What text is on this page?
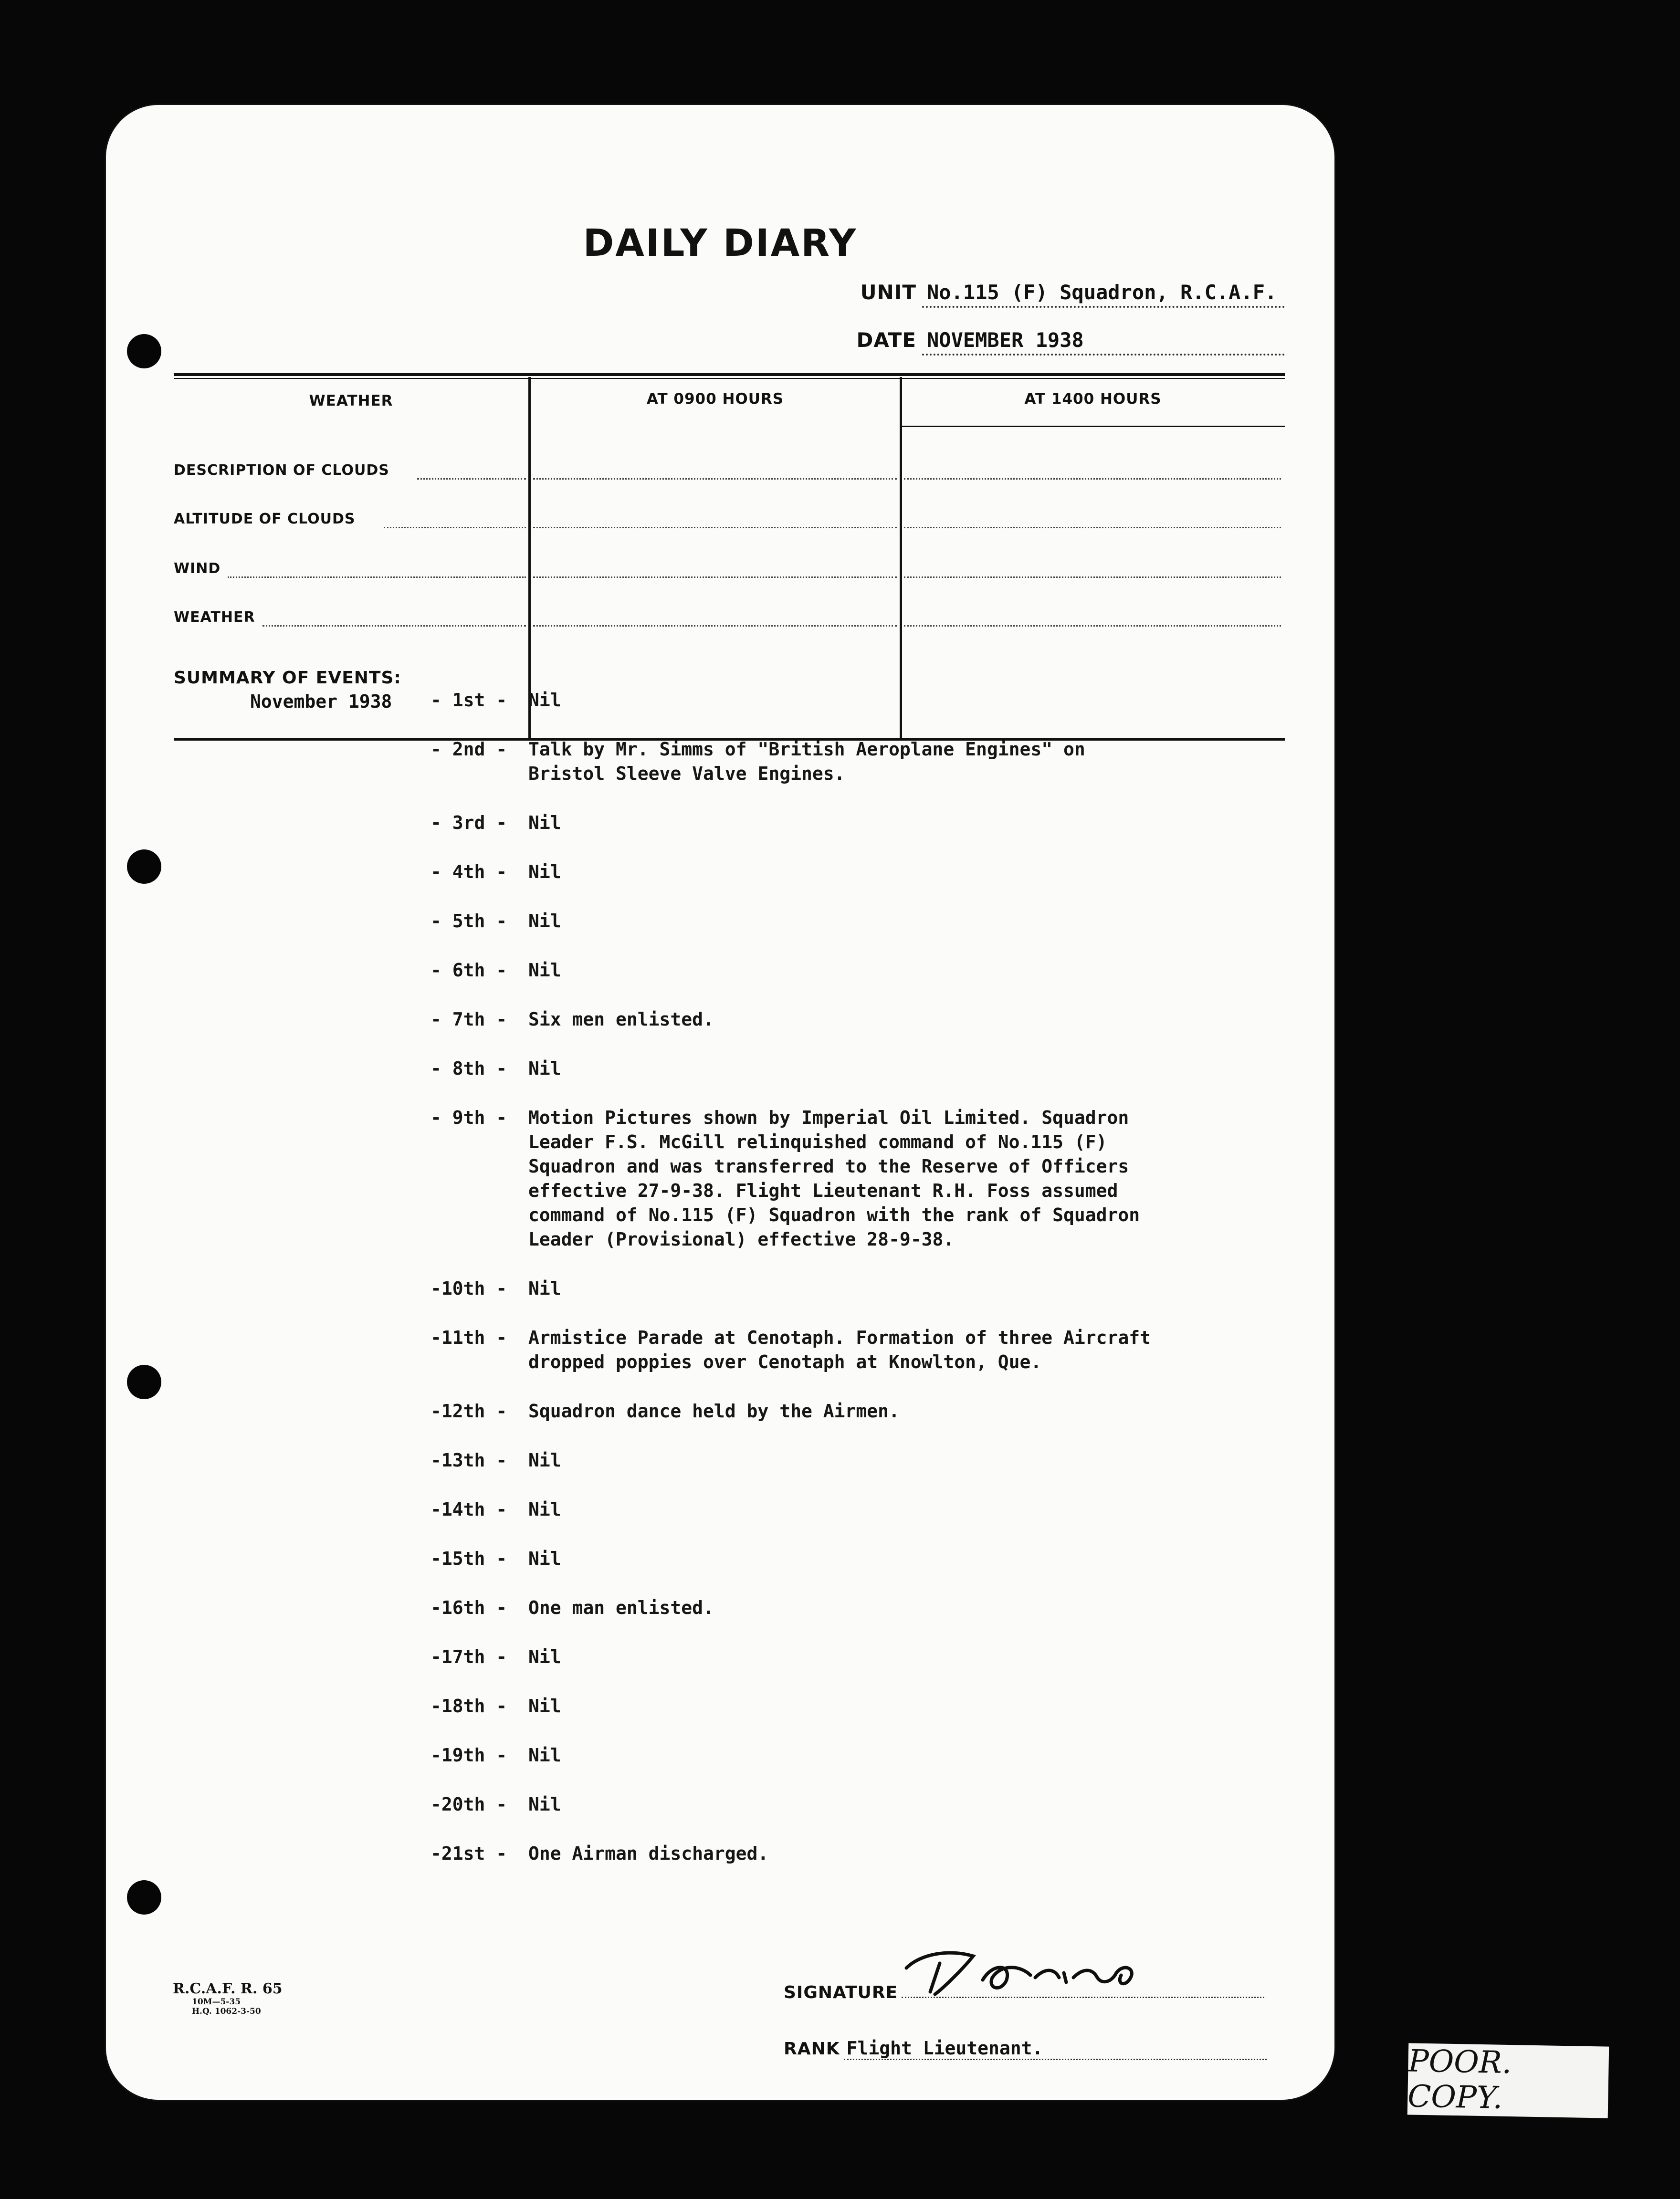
DAILY DIARY
UNIT No.115 (F) Squadron, R.C.A.F.
DATE NOVEMBER 1938
WEATHER	AT 0900 HOURS	AT 1400 HOURS
DESCRIPTION OF CLOUDS
ALTITUDE OF CLOUDS
WIND
WEATHER
SUMMARY OF EVENTS:
November 1938 - 1st -	Nil
- 2nd -	Talk by Mr. Simms of "British Aeroplane Engines" on
Bristol Sleeve Valve Engines.
- 3rd -	Nil
- 4th -	Nil
- 5th -	Nil
- 6th -	Nil
- 7th -	Six men enlisted.
- 8th -	Nil
- 9th -	Motion Pictures shown by Imperial Oil Limited. Squadron
Leader F.S. McGill relinquished command of No.115 (F)
Squadron and was transferred to the Reserve of Officers
effective 27-9-38. Flight Lieutenant R.H. Foss assumed
command of No.115 (F) Squadron with the rank of Squadron
Leader (Provisional) effective 28-9-38.
-10th -	Nil
-11th -	Armistice Parade at Cenotaph. Formation of three Aircraft
dropped poppies over Cenotaph at Knowlton, Que.
-12th -	Squadron dance held by the Airmen.
-13th -	Nil
-14th -	Nil
-15th -	Nil
-16th -	One man enlisted.
-17th -	Nil
-18th -	Nil
-19th -	Nil
-20th -	Nil
-21st -	One Airman discharged.
R.C.A.F. R. 65
10M—5-35
H.Q. 1062-3-50
SIGNATURE
RANK Flight Lieutenant.	POOR. COPY.
